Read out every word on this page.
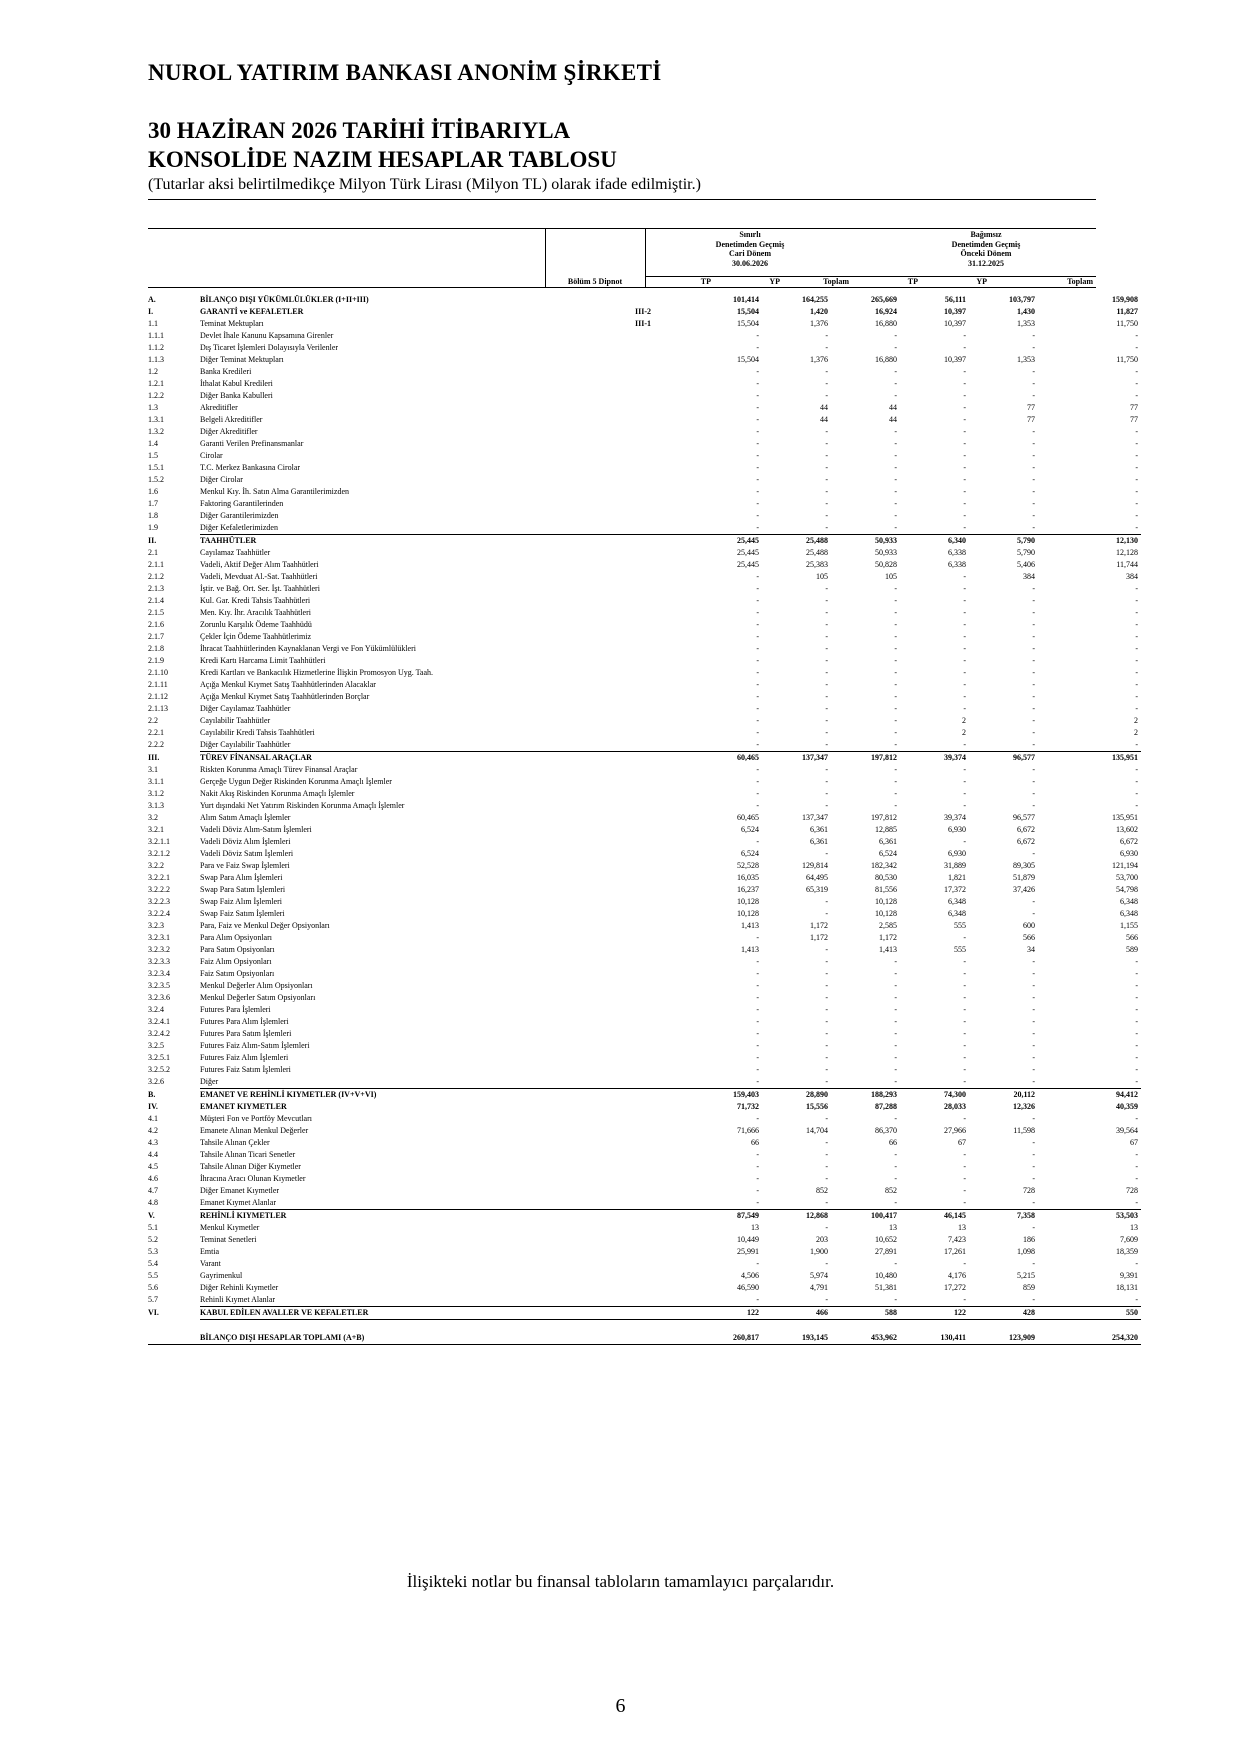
NUROL YATIRIM BANKASI ANONİM ŞİRKETİ
30 HAZİRAN 2026 TARİHİ İTİBARIYLA
KONSOLİDE NAZIM HESAPLAR TABLOSU
(Tutarlar aksi belirtilmedikçe Milyon Türk Lirası (Milyon TL) olarak ifade edilmiştir.)
Sınırlı
Denetimden Geçmiş
Cari Dönem
30.06.2026
Bağımsız
Denetimden Geçmiş
Önceki Dönem
31.12.2025
Bölüm 5 Dipnot	TP	YP	Toplam	TP	YP	Toplam
A.	BİLANÇO DIŞI YÜKÜMLÜLÜKLER (I+II+III)		101,414	164,255	265,669	56,111	103,797	159,908
I.	GARANTİ ve KEFALETLER	III-2	15,504	1,420	16,924	10,397	1,430	11,827
1.1	Teminat Mektupları	III-1	15,504	1,376	16,880	10,397	1,353	11,750
1.1.1	Devlet İhale Kanunu Kapsamına Girenler		-	-	-	-	-	-
1.1.2	Dış Ticaret İşlemleri Dolayısıyla Verilenler		-	-	-	-	-	-
1.1.3	Diğer Teminat Mektupları		15,504	1,376	16,880	10,397	1,353	11,750
1.2	Banka Kredileri		-	-	-	-	-	-
1.2.1	İthalat Kabul Kredileri		-	-	-	-	-	-
1.2.2	Diğer Banka Kabulleri		-	-	-	-	-	-
1.3	Akreditifler		-	44	44	-	77	77
1.3.1	Belgeli Akreditifler		-	44	44	-	77	77
1.3.2	Diğer Akreditifler		-	-	-	-	-	-
1.4	Garanti Verilen Prefinansmanlar		-	-	-	-	-	-
1.5	Cirolar		-	-	-	-	-	-
1.5.1	T.C. Merkez Bankasına Cirolar		-	-	-	-	-	-
1.5.2	Diğer Cirolar		-	-	-	-	-	-
1.6	Menkul Kıy. İh. Satın Alma Garantilerimizden		-	-	-	-	-	-
1.7	Faktoring Garantilerinden		-	-	-	-	-	-
1.8	Diğer Garantilerimizden		-	-	-	-	-	-
1.9	Diğer Kefaletlerimizden		-	-	-	-	-	-
II.	TAAHHÜTLER		25,445	25,488	50,933	6,340	5,790	12,130
2.1	Cayılamaz Taahhütler		25,445	25,488	50,933	6,338	5,790	12,128
2.1.1	Vadeli, Aktif Değer Alım Taahhütleri		25,445	25,383	50,828	6,338	5,406	11,744
2.1.2	Vadeli, Mevduat Al.-Sat. Taahhütleri		-	105	105	-	384	384
2.1.3	İştir. ve Bağ. Ort. Ser. İşt. Taahhütleri		-	-	-	-	-	-
2.1.4	Kul. Gar. Kredi Tahsis Taahhütleri		-	-	-	-	-	-
2.1.5	Men. Kıy. İhr. Aracılık Taahhütleri		-	-	-	-	-	-
2.1.6	Zorunlu Karşılık Ödeme Taahhüdü		-	-	-	-	-	-
2.1.7	Çekler İçin Ödeme Taahhütlerimiz		-	-	-	-	-	-
2.1.8	İhracat Taahhütlerinden Kaynaklanan Vergi ve Fon Yükümlülükleri		-	-	-	-	-	-
2.1.9	Kredi Kartı Harcama Limit Taahhütleri		-	-	-	-	-	-
2.1.10	Kredi Kartları ve Bankacılık Hizmetlerine İlişkin Promosyon Uyg. Taah.		-	-	-	-	-	-
2.1.11	Açığa Menkul Kıymet Satış Taahhütlerinden Alacaklar		-	-	-	-	-	-
2.1.12	Açığa Menkul Kıymet Satış Taahhütlerinden Borçlar		-	-	-	-	-	-
2.1.13	Diğer Cayılamaz Taahhütler		-	-	-	-	-	-
2.2	Cayılabilir Taahhütler		-	-	-	2	-	2
2.2.1	Cayılabilir Kredi Tahsis Taahhütleri		-	-	-	2	-	2
2.2.2	Diğer Cayılabilir Taahhütler		-	-	-	-	-	-
III.	TÜREV FİNANSAL ARAÇLAR		60,465	137,347	197,812	39,374	96,577	135,951
3.1	Riskten Korunma Amaçlı Türev Finansal Araçlar		-	-	-	-	-	-
3.1.1	Gerçeğe Uygun Değer Riskinden Korunma Amaçlı İşlemler		-	-	-	-	-	-
3.1.2	Nakit Akış Riskinden Korunma Amaçlı İşlemler		-	-	-	-	-	-
3.1.3	Yurt dışındaki Net Yatırım Riskinden Korunma Amaçlı İşlemler		-	-	-	-	-	-
3.2	Alım Satım Amaçlı İşlemler		60,465	137,347	197,812	39,374	96,577	135,951
3.2.1	Vadeli Döviz Alım-Satım İşlemleri		6,524	6,361	12,885	6,930	6,672	13,602
3.2.1.1	Vadeli Döviz Alım İşlemleri		-	6,361	6,361	-	6,672	6,672
3.2.1.2	Vadeli Döviz Satım İşlemleri		6,524	-	6,524	6,930	-	6,930
3.2.2	Para ve Faiz Swap İşlemleri		52,528	129,814	182,342	31,889	89,305	121,194
3.2.2.1	Swap Para Alım İşlemleri		16,035	64,495	80,530	1,821	51,879	53,700
3.2.2.2	Swap Para Satım İşlemleri		16,237	65,319	81,556	17,372	37,426	54,798
3.2.2.3	Swap Faiz Alım İşlemleri		10,128	-	10,128	6,348	-	6,348
3.2.2.4	Swap Faiz Satım İşlemleri		10,128	-	10,128	6,348	-	6,348
3.2.3	Para, Faiz ve Menkul Değer Opsiyonları		1,413	1,172	2,585	555	600	1,155
3.2.3.1	Para Alım Opsiyonları		-	1,172	1,172	-	566	566
3.2.3.2	Para Satım Opsiyonları		1,413	-	1,413	555	34	589
3.2.3.3	Faiz Alım Opsiyonları		-	-	-	-	-	-
3.2.3.4	Faiz Satım Opsiyonları		-	-	-	-	-	-
3.2.3.5	Menkul Değerler Alım Opsiyonları		-	-	-	-	-	-
3.2.3.6	Menkul Değerler Satım Opsiyonları		-	-	-	-	-	-
3.2.4	Futures Para İşlemleri		-	-	-	-	-	-
3.2.4.1	Futures Para Alım İşlemleri		-	-	-	-	-	-
3.2.4.2	Futures Para Satım İşlemleri		-	-	-	-	-	-
3.2.5	Futures Faiz Alım-Satım İşlemleri		-	-	-	-	-	-
3.2.5.1	Futures Faiz Alım İşlemleri		-	-	-	-	-	-
3.2.5.2	Futures Faiz Satım İşlemleri		-	-	-	-	-	-
3.2.6	Diğer		-	-	-	-	-	-
B.	EMANET VE REHİNLİ KIYMETLER (IV+V+VI)		159,403	28,890	188,293	74,300	20,112	94,412
IV.	EMANET KIYMETLER		71,732	15,556	87,288	28,033	12,326	40,359
4.1	Müşteri Fon ve Portföy Mevcutları		-	-	-	-	-	-
4.2	Emanete Alınan Menkul Değerler		71,666	14,704	86,370	27,966	11,598	39,564
4.3	Tahsile Alınan Çekler		66	-	66	67	-	67
4.4	Tahsile Alınan Ticari Senetler		-	-	-	-	-	-
4.5	Tahsile Alınan Diğer Kıymetler		-	-	-	-	-	-
4.6	İhracına Aracı Olunan Kıymetler		-	-	-	-	-	-
4.7	Diğer Emanet Kıymetler		-	852	852	-	728	728
4.8	Emanet Kıymet Alanlar		-	-	-	-	-	-
V.	REHİNLİ KIYMETLER		87,549	12,868	100,417	46,145	7,358	53,503
5.1	Menkul Kıymetler		13	-	13	13	-	13
5.2	Teminat Senetleri		10,449	203	10,652	7,423	186	7,609
5.3	Emtia		25,991	1,900	27,891	17,261	1,098	18,359
5.4	Varant		-	-	-	-	-	-
5.5	Gayrimenkul		4,506	5,974	10,480	4,176	5,215	9,391
5.6	Diğer Rehinli Kıymetler		46,590	4,791	51,381	17,272	859	18,131
5.7	Rehinli Kıymet Alanlar		-	-	-	-	-	-
VI.	KABUL EDİLEN AVALLER VE KEFALETLER		122	466	588	122	428	550
	BİLANÇO DIŞI HESAPLAR TOPLAMI (A+B)		260,817	193,145	453,962	130,411	123,909	254,320
İlişikteki notlar bu finansal tabloların tamamlayıcı parçalarıdır.
6
